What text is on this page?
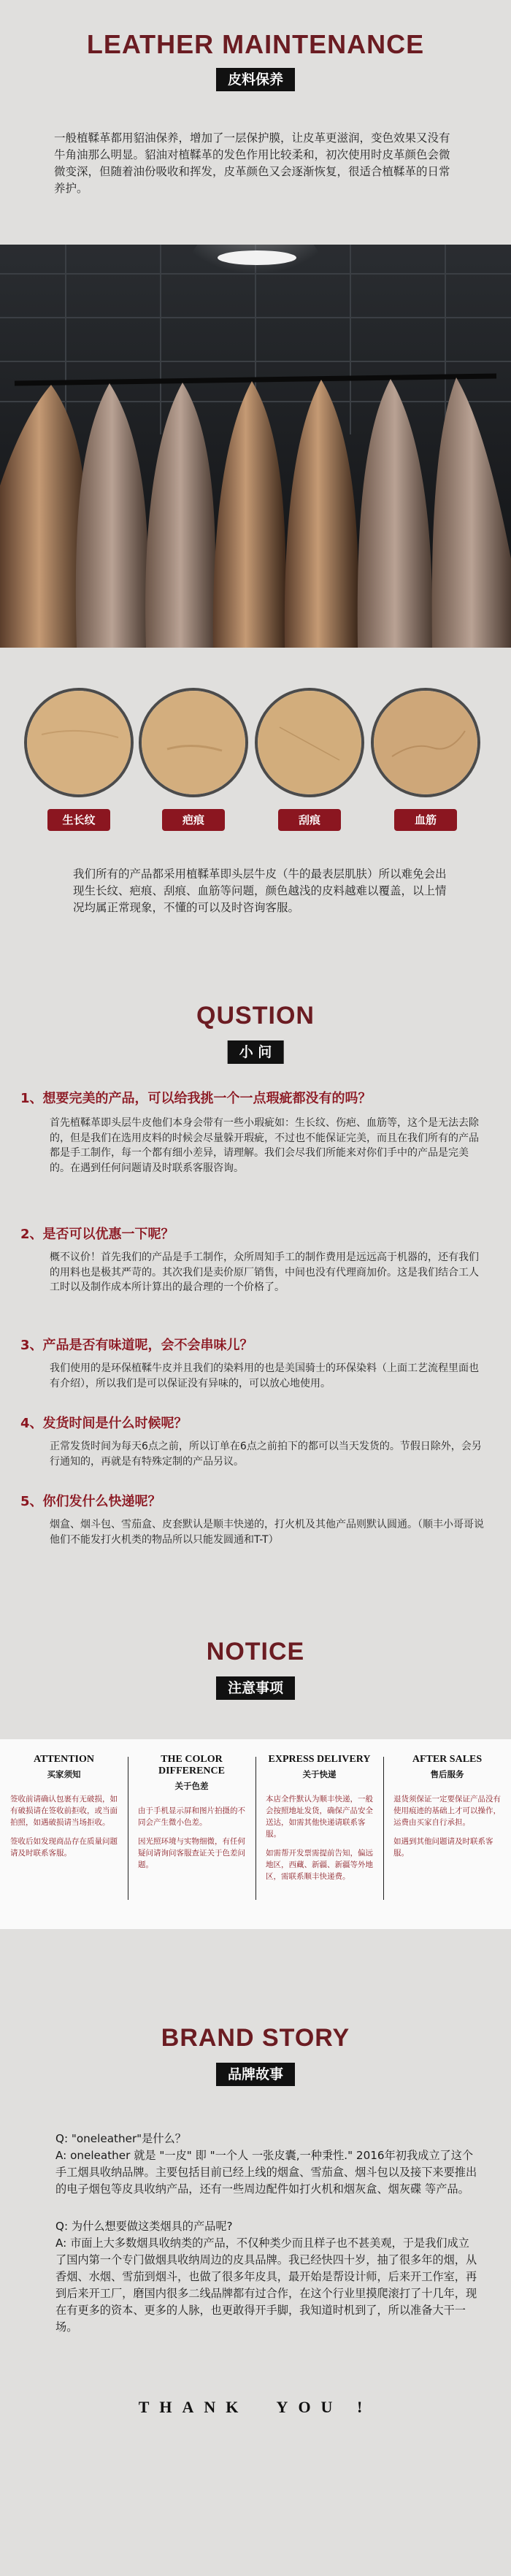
LEATHER MAINTENANCE
皮料保养
一般植鞣革都用貂油保养，增加了一层保护膜，让皮革更滋润，变色效果又没有牛角油那么明显。貂油对植鞣革的发色作用比较柔和，初次使用时皮革颜色会微微变深，但随着油份吸收和挥发，皮革颜色又会逐渐恢复，很适合植鞣革的日常养护。
生长纹	疤痕	刮痕	血筋
我们所有的产品都采用植鞣革即头层牛皮（牛的最表层肌肤）所以难免会出现生长纹、疤痕、刮痕、血筋等问题，颜色越浅的皮料越难以覆盖，以上情况均属正常现象，不懂的可以及时咨询客服。
QUSTION
小 问
1、想要完美的产品，可以给我挑一个一点瑕疵都没有的吗？
首先植鞣革即头层牛皮他们本身会带有一些小瑕疵如：生长纹、伤疤、血筋等，这个是无法去除的，但是我们在选用皮料的时候会尽量躲开瑕疵，不过也不能保证完美，而且在我们所有的产品都是手工制作，每一个都有细小差异，请理解。我们会尽我们所能来对你们手中的产品是完美的。在遇到任何问题请及时联系客服咨询。
2、是否可以优惠一下呢？
概不议价！首先我们的产品是手工制作，众所周知手工的制作费用是远远高于机器的，还有我们的用料也是极其严苛的。其次我们是卖价原厂销售，中间也没有代理商加价。这是我们结合工人工时以及制作成本所计算出的最合理的一个价格了。
3、产品是否有味道呢，会不会串味儿？
我们使用的是环保植鞣牛皮并且我们的染料用的也是美国骑士的环保染料（上面工艺流程里面也有介绍），所以我们是可以保证没有异味的，可以放心地使用。
4、发货时间是什么时候呢？
正常发货时间为每天6点之前，所以订单在6点之前拍下的都可以当天发货的。节假日除外，会另行通知的，再就是有特殊定制的产品另议。
5、你们发什么快递呢？
烟盒、烟斗包、雪茄盒、皮套默认是顺丰快递的，打火机及其他产品则默认圆通。（顺丰小哥哥说他们不能发打火机类的物品所以只能发圆通和T-T）
NOTICE
注意事项
ATTENTION
买家须知

签收前请确认包裹有无破损，如有破损请在签收前拒收，或当面拍照，如遇破损请当场拒收。

签收后如发现商品存在质量问题请及时联系客服。

THE COLOR DIFFERENCE
关于色差

由于手机显示屏和图片拍摄的不同会产生微小色差。

因光照环境与实物细微，有任何疑问请询问客服查证关于色差问题。

EXPRESS DELIVERY
关于快递

本店全件默认为顺丰快递，一般会按照地址发货，确保产品安全送达，如需其他快递请联系客服。

如需帮开发票需提前告知，偏远地区，西藏、新疆、新疆等外地区，需联系顺丰快递费。

AFTER SALES
售后服务

退货须保证一定要保证产品没有使用痕迹的基础上才可以操作，运费由买家自行承担。

如遇到其他问题请及时联系客服。

BRAND STORY
品牌故事
Q: "oneleather"是什么？
A: oneleather 就是 "一皮" 即 "一个人 一张皮囊,一种秉性." 2016年初我成立了这个手工烟具收纳品牌。主要包括目前已经上线的烟盒、雪茄盒、烟斗包以及接下来要推出的电子烟包等皮具收纳产品，还有一些周边配件如打火机和烟灰盒、烟灰碟 等产品。
Q: 为什么想要做这类烟具的产品呢?
A: 市面上大多数烟具收纳类的产品，不仅种类少而且样子也不甚美观，于是我们成立了国内第一个专门做烟具收纳周边的皮具品牌。我已经快四十岁，抽了很多年的烟，从香烟、水烟、雪茄到烟斗，也做了很多年皮具，最开始是帮设计师，后来开工作室，再到后来开工厂，磨国内很多二线品牌都有过合作，在这个行业里摸爬滚打了十几年，现在有更多的资本、更多的人脉，也更敢得开手脚，我知道时机到了，所以准备大干一场。
THANK  YOU !
